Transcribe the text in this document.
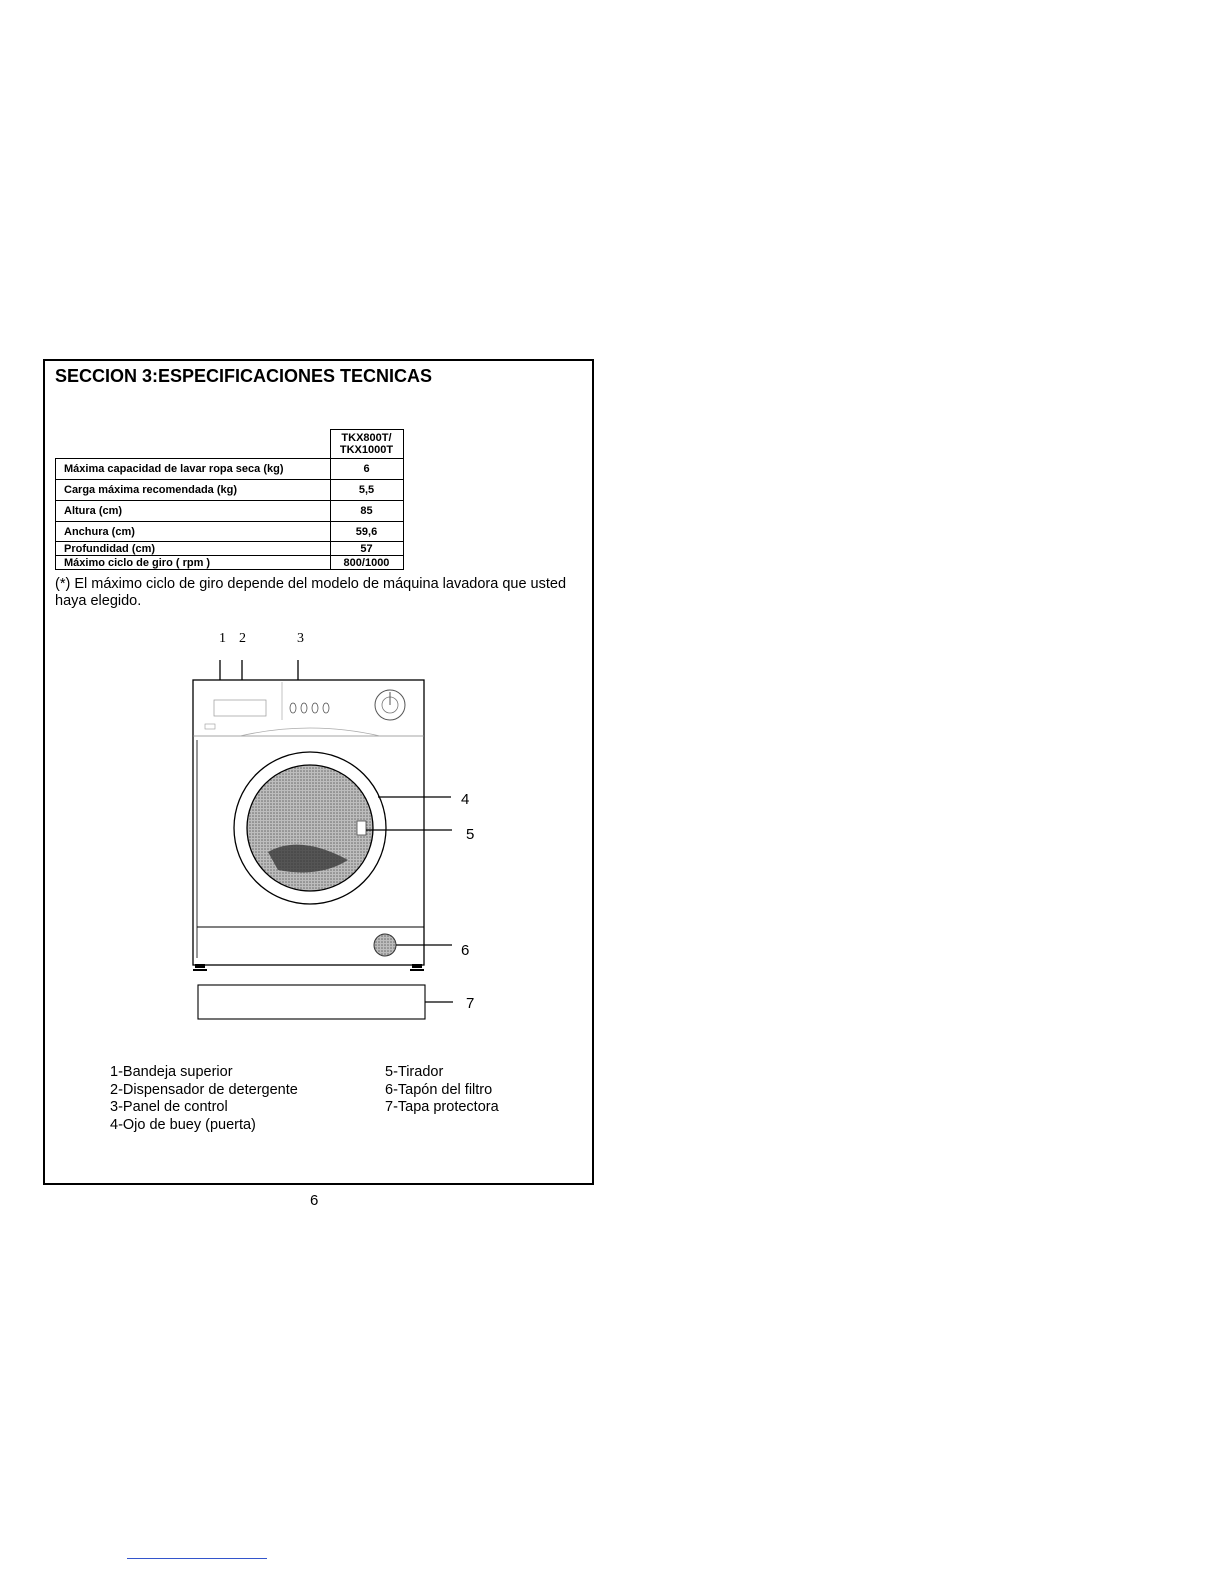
SECCION 3:ESPECIFICACIONES TECNICAS

	TKX800T/
TKX1000T

Máxima capacidad de lavar ropa seca (kg)	6
Carga máxima recomendada (kg)	5,5
Altura (cm)	85
Anchura (cm)	59,6
Profundidad (cm)	57
Máximo ciclo de giro ( rpm )	800/1000

(*) El máximo ciclo de giro depende del modelo de máquina lavadora que usted haya elegido.

1 2	3
4
5
6
7
1-Bandeja superior
2-Dispensador de detergente
3-Panel de control
4-Ojo de buey (puerta)
5-Tirador
6-Tapón del filtro
7-Tapa protectora
6
